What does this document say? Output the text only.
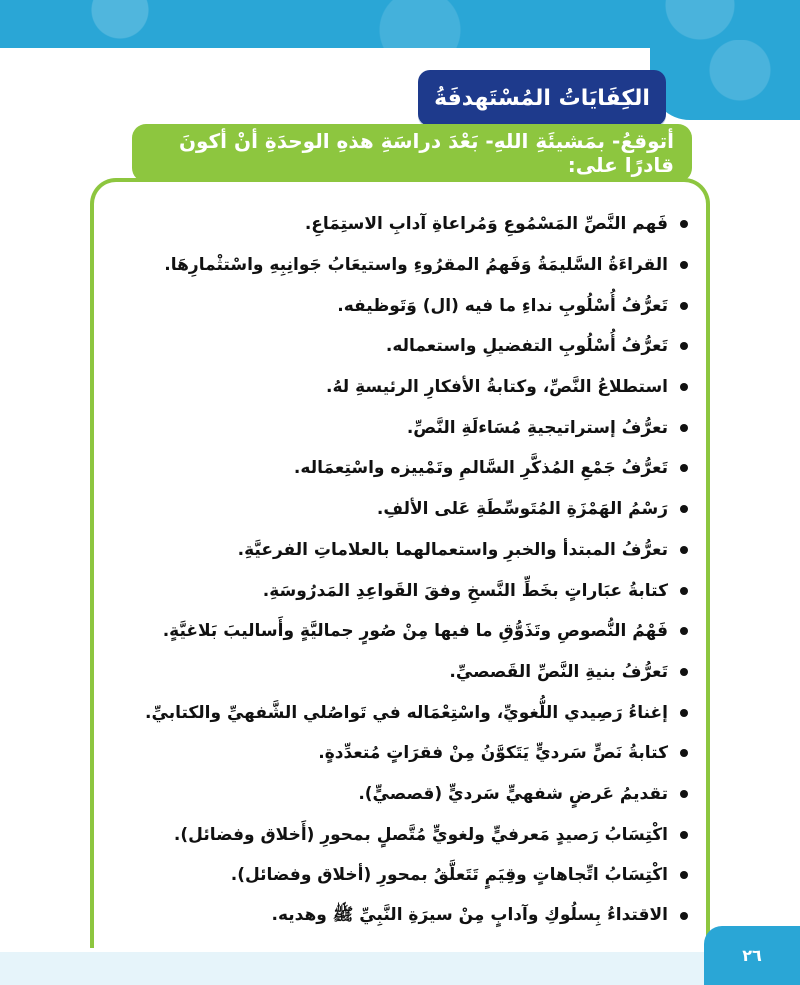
الكِفَايَاتُ المُسْتَهدفَةُ
أتوقعُ- بمَشيئَةِ اللهِ- بَعْدَ دراسَةِ هذهِ الوحدَةِ أنْ أكونَ قادرًا على:
فَهم النَّصِّ المَسْمُوعِ وَمُراعاةِ آدابِ الاستِمَاعِ.
القراءَةُ السَّليمَةُ وَفَهمُ المقرُوءِ واستيعَابُ جَوانِبِهِ واسْتثْمارِهَا.
تَعرُّفُ أُسْلُوبِ نداءِ ما فيه (ال) وَتَوظيفه.
تَعرُّفُ أُسْلُوبِ التفضيلِ واستعماله.
استطلاعُ النَّصِّ، وكتابةُ الأفكارِ الرئيسةِ لهُ.
تعرُّفُ إستراتيجيةِ مُسَاءلَةِ النَّصِّ.
تَعرُّفُ جَمْعِ المُذكَّرِ السَّالمِ وتَمْييزه واسْتِعمَاله.
رَسْمُ الهَمْزَةِ المُتَوسِّطَةِ عَلى الألفِ.
تعرُّفُ المبتدأ والخبرِ واستعمالهما بالعلاماتِ الفرعيَّةِ.
كتابةُ عبَاراتٍ بخَطِّ النَّسخِ وفقَ القَواعِدِ المَدرُوسَةِ.
فَهْمُ النُّصوصِ وتَذَوُّقِ ما فيها مِنْ صُورٍ جماليَّةٍ وأَساليبَ بَلاغيَّةٍ.
تَعرُّفُ بنيةِ النَّصِّ القَصصيِّ.
إغناءُ رَصِيدي اللُّغويِّ، واسْتِعْمَاله في تَواصُلي الشَّفهيِّ والكتابيِّ.
كتابةُ نَصٍّ سَرديٍّ يَتَكوَّنُ مِنْ فقرَاتٍ مُتعدِّدةٍ.
تقديمُ عَرضٍ شفهيٍّ سَرديٍّ (قصصيٍّ).
اكْتِسَابُ رَصيدٍ مَعرفيٍّ ولغويٍّ مُتَّصلٍ بمحورِ (أَخلاق وفضائل).
اكْتِسَابُ اتِّجاهاتٍ وقِيَمٍ تَتَعلَّقُ بمحورِ (أخلاق وفضائل).
الاقتداءُ بِسلُوكِ وآدابٍ مِنْ سيرَةِ النَّبِيِّ ﷺ وهديه.
٢٦
